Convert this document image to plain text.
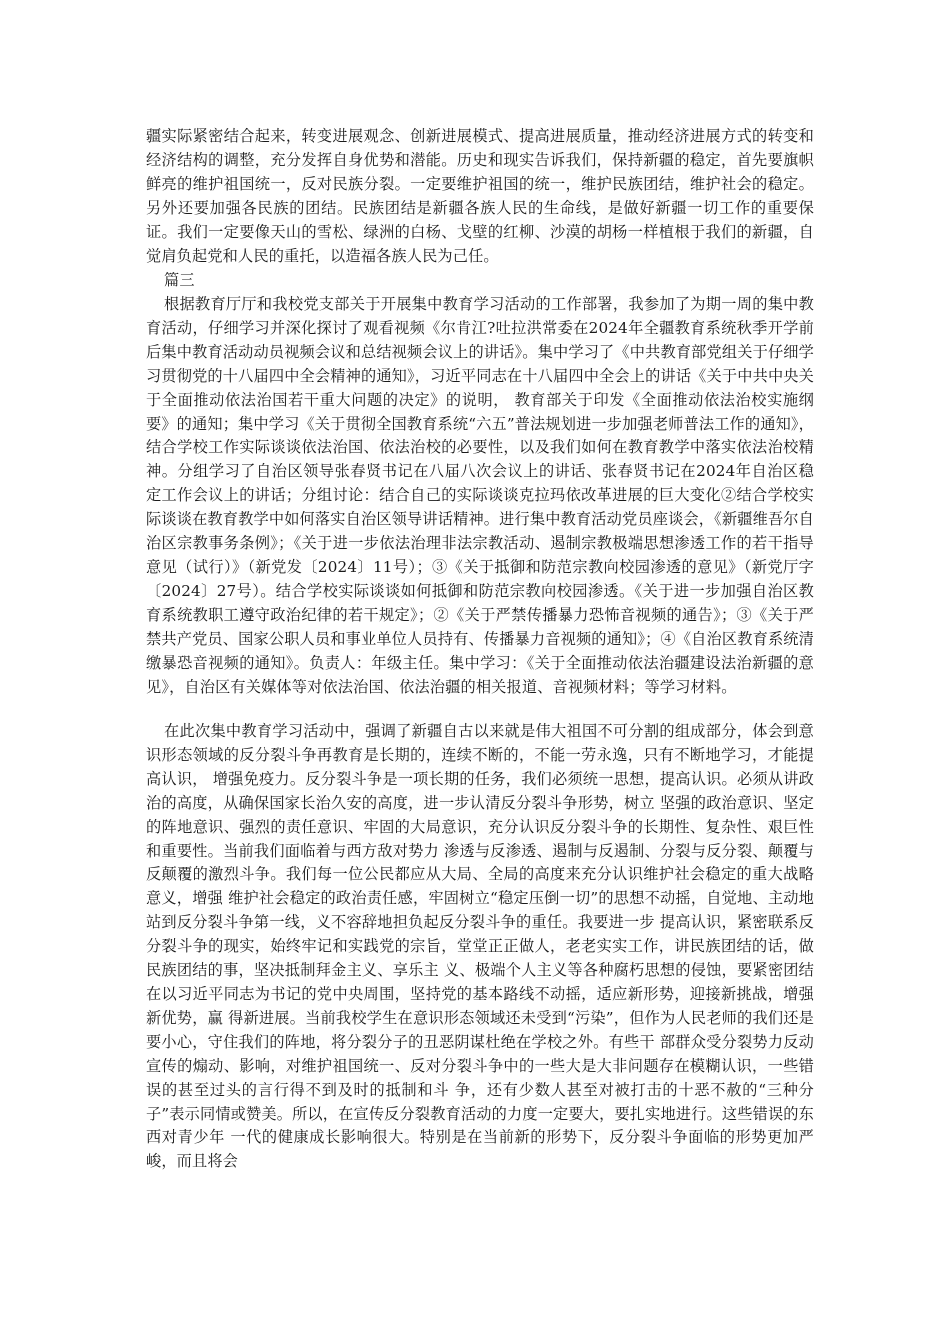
疆实际紧密结合起来，转变进展观念、创新进展模式、提高进展质量，推动经济进展方式的转变和经济结构的调整，充分发挥自身优势和潜能。历史和现实告诉我们，保持新疆的稳定，首先要旗帜鲜亮的维护祖国统一，反对民族分裂。一定要维护祖国的统一，维护民族团结，维护社会的稳定。另外还要加强各民族的团结。民族团结是新疆各族人民的生命线，是做好新疆一切工作的重要保证。我们一定要像天山的雪松、绿洲的白杨、戈壁的红柳、沙漠的胡杨一样植根于我们的新疆，自觉肩负起党和人民的重托，以造福各族人民为己任。
篇三
根据教育厅厅和我校党支部关于开展集中教育学习活动的工作部署，我参加了为期一周的集中教育活动，仔细学习并深化探讨了观看视频《尔肯江?吐拉洪常委在2024年全疆教育系统秋季开学前后集中教育活动动员视频会议和总结视频会议上的讲话》。集中学习了《中共教育部党组关于仔细学习贯彻党的十八届四中全会精神的通知》，习近平同志在十八届四中全会上的讲话《关于中共中央关于全面推动依法治国若干重大问题的决定》的说明， 教育部关于印发《全面推动依法治校实施纲要》的通知；集中学习《关于贯彻全国教育系统“六五”普法规划进一步加强老师普法工作的通知》，结合学校工作实际谈谈依法治国、依法治校的必要性，以及我们如何在教育教学中落实依法治校精神。分组学习了自治区领导张春贤书记在八届八次会议上的讲话、张春贤书记在2024年自治区稳定工作会议上的讲话；分组讨论：结合自己的实际谈谈克拉玛依改革进展的巨大变化②结合学校实际谈谈在教育教学中如何落实自治区领导讲话精神。进行集中教育活动党员座谈会，《新疆维吾尔自治区宗教事务条例》；《关于进一步依法治理非法宗教活动、遏制宗教极端思想渗透工作的若干指导意见（试行）》（新党发〔2024〕11号）；③《关于抵御和防范宗教向校园渗透的意见》（新党厅字〔2024〕27号）。结合学校实际谈谈如何抵御和防范宗教向校园渗透。《关于进一步加强自治区教育系统教职工遵守政治纪律的若干规定》；②《关于严禁传播暴力恐怖音视频的通告》；③《关于严禁共产党员、国家公职人员和事业单位人员持有、传播暴力音视频的通知》；④《自治区教育系统清缴暴恐音视频的通知》。负责人：年级主任。集中学习：《关于全面推动依法治疆建设法治新疆的意见》，自治区有关媒体等对依法治国、依法治疆的相关报道、音视频材料；等学习材料。
在此次集中教育学习活动中，强调了新疆自古以来就是伟大祖国不可分割的组成部分，体会到意识形态领域的反分裂斗争再教育是长期的，连续不断的，不能一劳永逸，只有不断地学习，才能提高认识， 增强免疫力。反分裂斗争是一项长期的任务，我们必须统一思想，提高认识。必须从讲政治的高度，从确保国家长治久安的高度，进一步认清反分裂斗争形势，树立 坚强的政治意识、坚定的阵地意识、强烈的责任意识、牢固的大局意识，充分认识反分裂斗争的长期性、复杂性、艰巨性和重要性。当前我们面临着与西方敌对势力 渗透与反渗透、遏制与反遏制、分裂与反分裂、颠覆与反颠覆的激烈斗争。我们每一位公民都应从大局、全局的高度来充分认识维护社会稳定的重大战略意义，增强 维护社会稳定的政治责任感，牢固树立“稳定压倒一切”的思想不动摇，自觉地、主动地站到反分裂斗争第一线，义不容辞地担负起反分裂斗争的重任。我要进一步 提高认识，紧密联系反分裂斗争的现实，始终牢记和实践党的宗旨，堂堂正正做人，老老实实工作，讲民族团结的话，做民族团结的事，坚决抵制拜金主义、享乐主 义、极端个人主义等各种腐朽思想的侵蚀，要紧密团结在以习近平同志为书记的党中央周围，坚持党的基本路线不动摇，适应新形势，迎接新挑战，增强新优势，赢 得新进展。当前我校学生在意识形态领域还未受到“污染”，但作为人民老师的我们还是要小心，守住我们的阵地，将分裂分子的丑恶阴谋杜绝在学校之外。有些干 部群众受分裂势力反动宣传的煽动、影响，对维护祖国统一、反对分裂斗争中的一些大是大非问题存在模糊认识，一些错误的甚至过头的言行得不到及时的抵制和斗 争，还有少数人甚至对被打击的十恶不赦的“三种分子”表示同情或赞美。所以，在宣传反分裂教育活动的力度一定要大，要扎实地进行。这些错误的东西对青少年 一代的健康成长影响很大。特别是在当前新的形势下，反分裂斗争面临的形势更加严峻，而且将会
